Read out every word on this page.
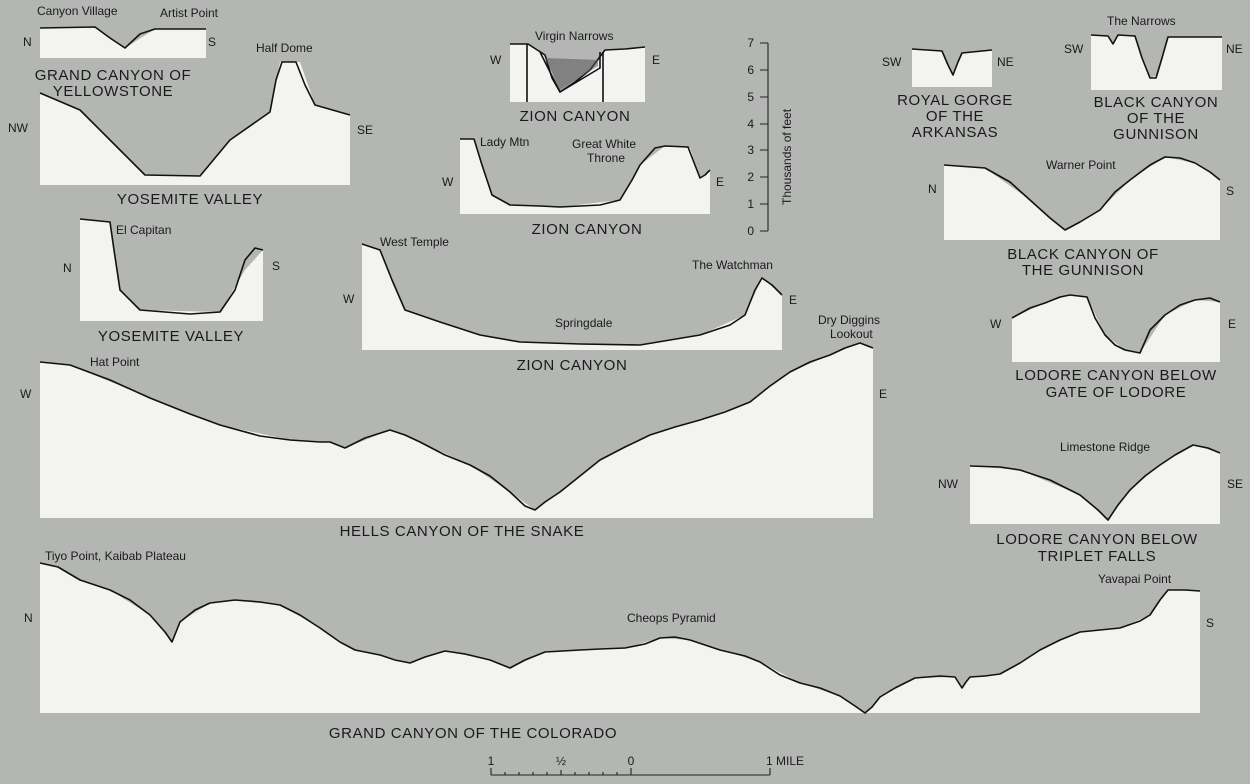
Canyon Village	Artist Point
N	S
GRAND CANYON OF
YELLOWSTONE
Half Dome
NW	SE
YOSEMITE VALLEY
El Capitan
N	S
YOSEMITE VALLEY
Virgin Narrows
W	E
ZION CANYON
Lady Mtn	Great White
Throne
W	E
ZION CANYON
West Temple
Springdale
The Watchman
W	E
ZION CANYON
7
6
5
4
3
2
1
0
Thousands of feet
SW	NE
ROYAL GORGE
OF THE
ARKANSAS
The Narrows
SW	NE
BLACK CANYON
OF THE
GUNNISON
Warner Point
N	S
BLACK CANYON OF
THE GUNNISON
W	E
LODORE CANYON BELOW
GATE OF LODORE
Limestone Ridge
NW	SE
LODORE CANYON BELOW
TRIPLET FALLS
Hat Point
Dry Diggins
Lookout
W	E
HELLS CANYON OF THE SNAKE
Tiyo Point, Kaibab Plateau
Cheops Pyramid
Yavapai Point
N	S
GRAND CANYON OF THE COLORADO
1	½	0	1 MILE
